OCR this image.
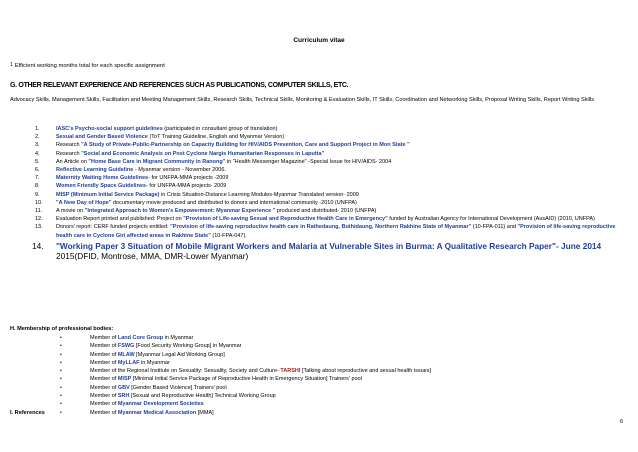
Curriculum vitae
$^1$ Efficient working months total for each specific assignment
G. OTHER RELEVANT EXPERIENCE AND REFERENCES SUCH AS PUBLICATIONS, COMPUTER SKILLS, ETC.
Advocacy Skills, Management Skills, Facilitation and Meeting Management Skills, Research Skills, Technical Skills, Monitoring & Evaluation Skills, IT Skills, Coordination and Networking Skills, Proposal Writing Skills, Report Writing Skills
1.	IASC's Psycho-social support guidelines (participated in consultant group of translation)
2.	Sexual and Gender Based Violence (ToT Training Guideline, English and Myanmar Version)
3.	Research "A Study of Private-Public-Partnership on Capacity Building for HIV/AIDS Prevention, Care and Support Project in Mon State "
4.	Research "Social and Economic Analysis on Post Cyclone Nargis Humanitarian Responses in Laputta"
5.	An Article on "Home Base Care in Migrant Community in Ranong" in "Health Messenger Magazine" -Special Issue for HIV/AIDS- 2004
6.	Reflective Learning Guideline - Myanmar version - November 2006.
7.	Maternity Waiting Home Guidelines- for UNFPA-MMA projects -2009
8.	Women Friendly Space Guidelines- for UNFPA-MMA projects- 2009
9.	MISP (Minimum Initial Service Package) in Crisis Situation-Distance Learning Modules-Myanmar Translated version- 2009
10. "A New Day of Hope" documentary movie produced and distributed to donors and international community -2010 (UNFPA)
11.	A movie on "Integrated Approach to Women's Empowerment: Myanmar Experience " produced and distributed- 2010 (UNFPA)
12. Evaluation Report printed and published: Project on "Provision of Life-saving Sexual and Reproductive Health Care in Emergency" funded by Australian Agency for International Development (AusAID) (2010, UNFPA)
13. Donors' report: CERF funded projects entitled: "Provision of life-saving reproductive health care in Rathedaung, Buthidaung, Northern Rakhine State of Myanmar" (10-FPA-011) and "Provision of life-saving reproductive health care in Cyclone Giri affected areas in Rakhine State" (10-FPA-047).
14. "Working Paper 3 Situation of Mobile Migrant Workers and Malaria at Vulnerable Sites in Burma: A Qualitative Research Paper"- June 2014 2015(DFID, Montrose, MMA, DMR-Lower Myanmar)
H. Membership of professional bodies:
•	Member of Land Core Group in Myanmar
•	Member of FSWG [Food Security Working Group] in Myanmar
•	Member of MLAW [Myanmar Legal Aid Working Group]
•	Member of MyLLAF in Myanmar
•	Member of the Regional Institute on Sexuality: Sexuality, Society and Culture- TARSHI [Talking about reproductive and sexual health issues]
•	Member of MISP [Minimal Initial Service Package of Reproductive Health in Emergency Situation] Trainers' pool
•	Member of GBV [Gender Based Violence] Trainers' pool
•	Member of SRH [Sexual and Reproductive Health] Technical Working Group
•	Member of Myanmar Development Societies
•	Member of Myanmar Medical Association [MMA]
I. References
6
